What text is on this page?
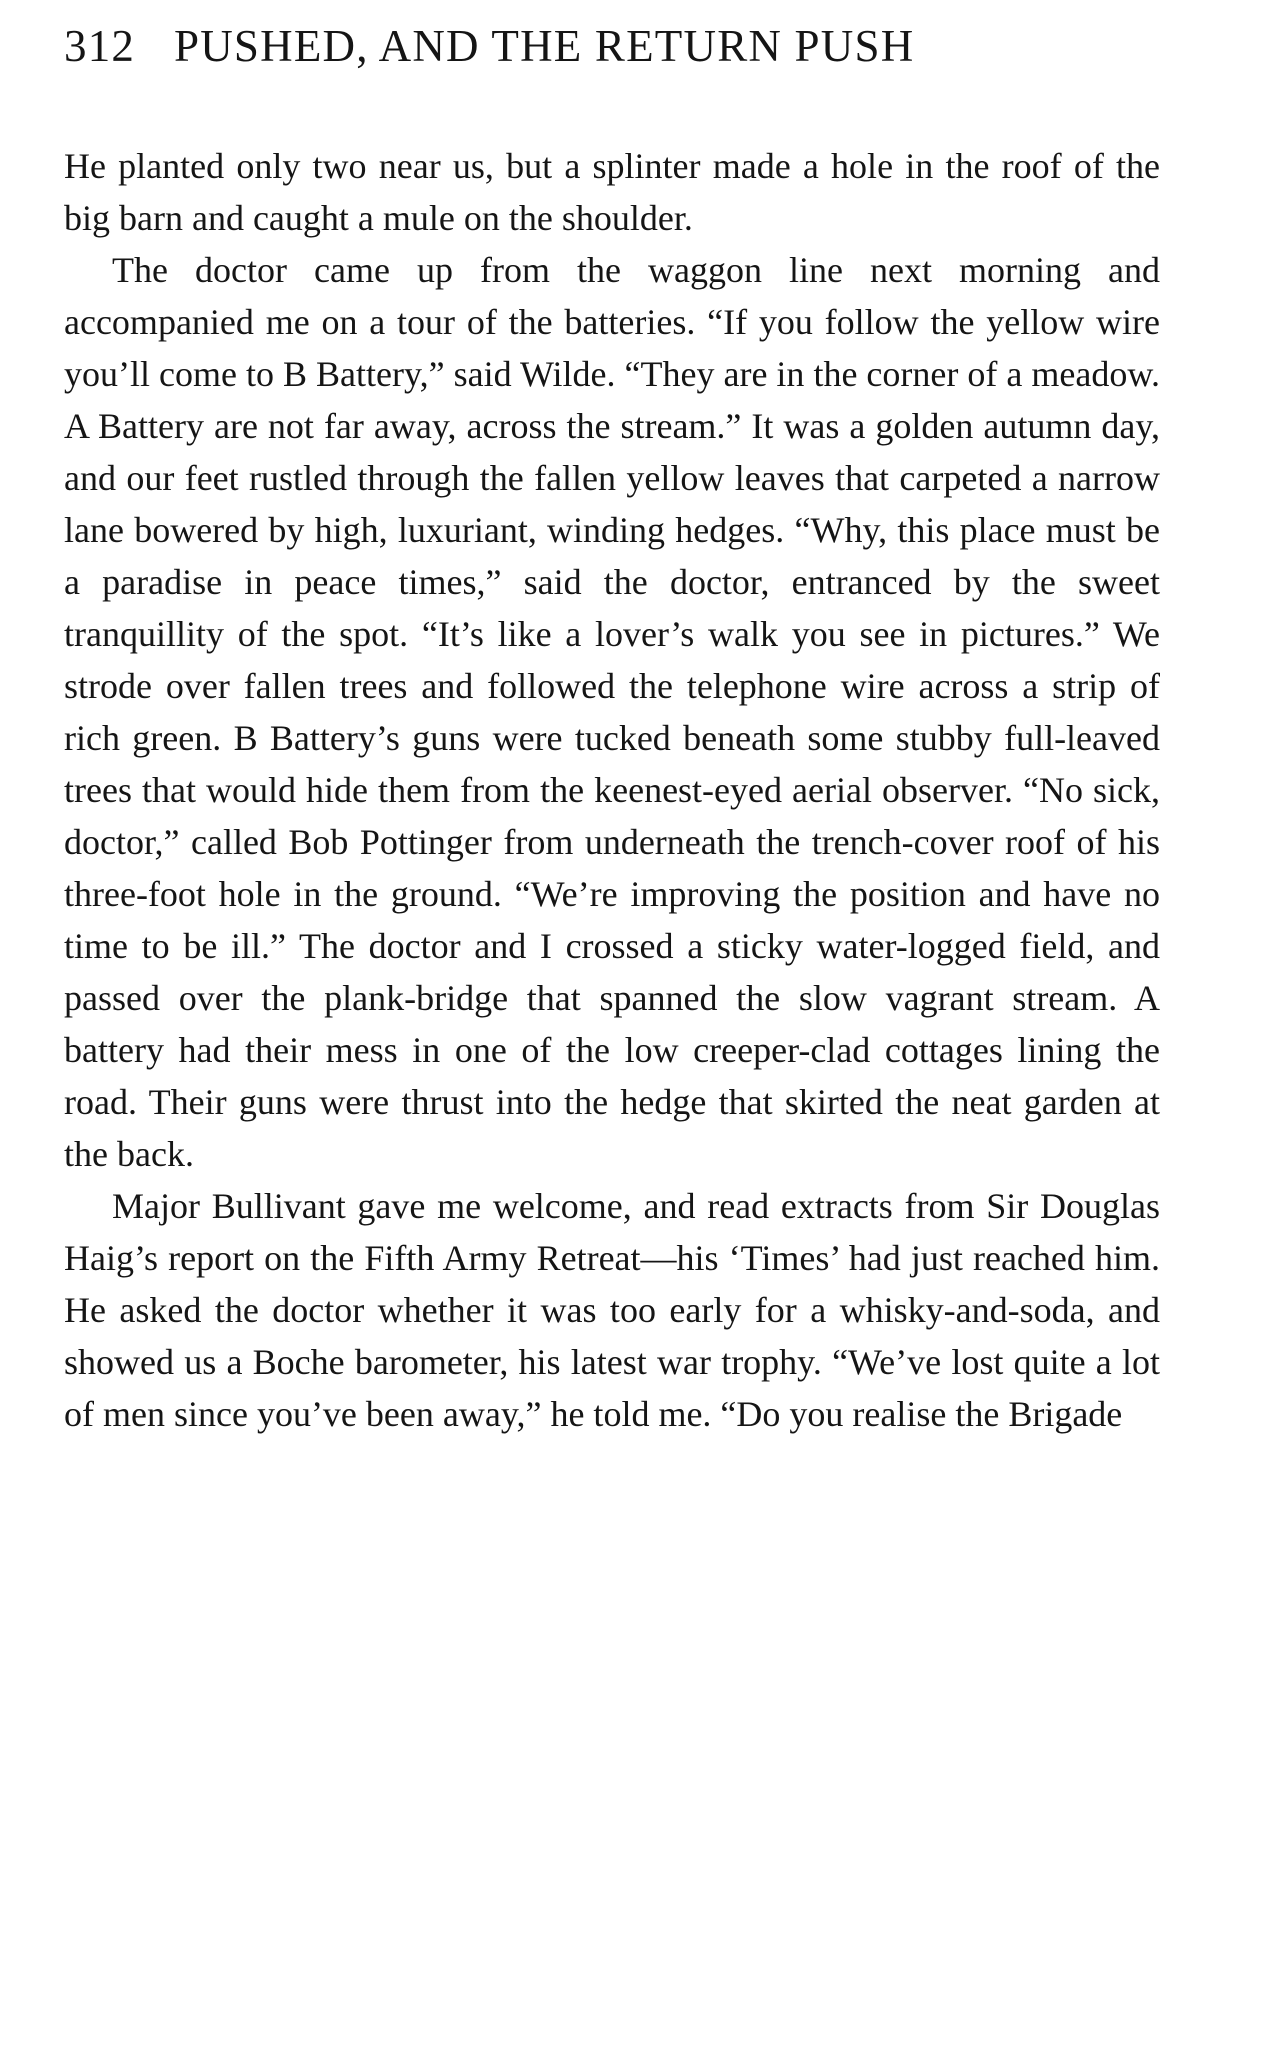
312 PUSHED, AND THE RETURN PUSH

He planted only two near us, but a splinter made a hole in the roof of the big barn and caught a mule on the shoulder.

The doctor came up from the waggon line next morning and accompanied me on a tour of the batteries. “If you follow the yellow wire you’ll come to B Battery,” said Wilde. “They are in the corner of a meadow. A Battery are not far away, across the stream.” It was a golden autumn day, and our feet rustled through the fallen yellow leaves that carpeted a narrow lane bowered by high, luxuriant, winding hedges. “Why, this place must be a paradise in peace times,” said the doctor, entranced by the sweet tranquillity of the spot. “It’s like a lover’s walk you see in pictures.” We strode over fallen trees and followed the telephone wire across a strip of rich green. B Battery’s guns were tucked beneath some stubby full-leaved trees that would hide them from the keenest-eyed aerial observer. “No sick, doctor,” called Bob Pottinger from underneath the trench-cover roof of his three-foot hole in the ground. “We’re improving the position and have no time to be ill.” The doctor and I crossed a sticky water-logged field, and passed over the plank-bridge that spanned the slow vagrant stream. A battery had their mess in one of the low creeper-clad cottages lining the road. Their guns were thrust into the hedge that skirted the neat garden at the back.

Major Bullivant gave me welcome, and read extracts from Sir Douglas Haig’s report on the Fifth Army Retreat—his ‘Times’ had just reached him. He asked the doctor whether it was too early for a whisky-and-soda, and showed us a Boche barometer, his latest war trophy. “We’ve lost quite a lot of men since you’ve been away,” he told me. “Do you realise the Brigade
